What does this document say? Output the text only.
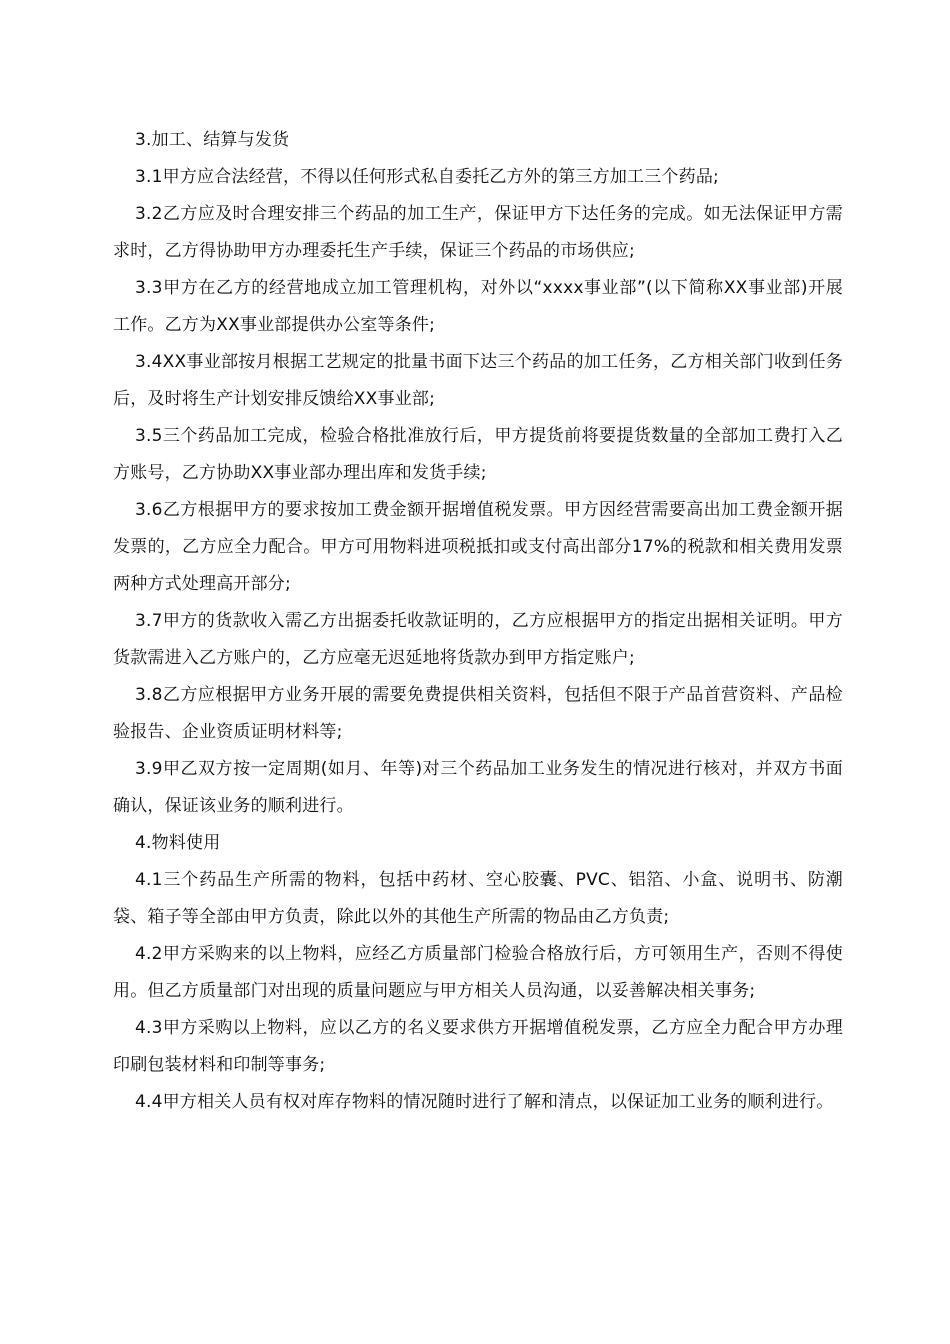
3.加工、结算与发货

3.1甲方应合法经营，不得以任何形式私自委托乙方外的第三方加工三个药品;

3.2乙方应及时合理安排三个药品的加工生产，保证甲方下达任务的完成。如无法保证甲方需求时，乙方得协助甲方办理委托生产手续，保证三个药品的市场供应;

3.3甲方在乙方的经营地成立加工管理机构，对外以“xxxx事业部”(以下简称XX事业部)开展工作。乙方为XX事业部提供办公室等条件;

3.4XX事业部按月根据工艺规定的批量书面下达三个药品的加工任务，乙方相关部门收到任务后，及时将生产计划安排反馈给XX事业部;

3.5三个药品加工完成，检验合格批准放行后，甲方提货前将要提货数量的全部加工费打入乙方账号，乙方协助XX事业部办理出库和发货手续;

3.6乙方根据甲方的要求按加工费金额开据增值税发票。甲方因经营需要高出加工费金额开据发票的，乙方应全力配合。甲方可用物料进项税抵扣或支付高出部分17%的税款和相关费用发票两种方式处理高开部分;

3.7甲方的货款收入需乙方出据委托收款证明的，乙方应根据甲方的指定出据相关证明。甲方货款需进入乙方账户的，乙方应毫无迟延地将货款办到甲方指定账户;

3.8乙方应根据甲方业务开展的需要免费提供相关资料，包括但不限于产品首营资料、产品检验报告、企业资质证明材料等;

3.9甲乙双方按一定周期(如月、年等)对三个药品加工业务发生的情况进行核对，并双方书面确认，保证该业务的顺利进行。

4.物料使用

4.1三个药品生产所需的物料，包括中药材、空心胶囊、PVC、铝箔、小盒、说明书、防潮袋、箱子等全部由甲方负责，除此以外的其他生产所需的物品由乙方负责;

4.2甲方采购来的以上物料，应经乙方质量部门检验合格放行后，方可领用生产，否则不得使用。但乙方质量部门对出现的质量问题应与甲方相关人员沟通，以妥善解决相关事务;

4.3甲方采购以上物料，应以乙方的名义要求供方开据增值税发票，乙方应全力配合甲方办理印刷包装材料和印制等事务;

4.4甲方相关人员有权对库存物料的情况随时进行了解和清点，以保证加工业务的顺利进行。
